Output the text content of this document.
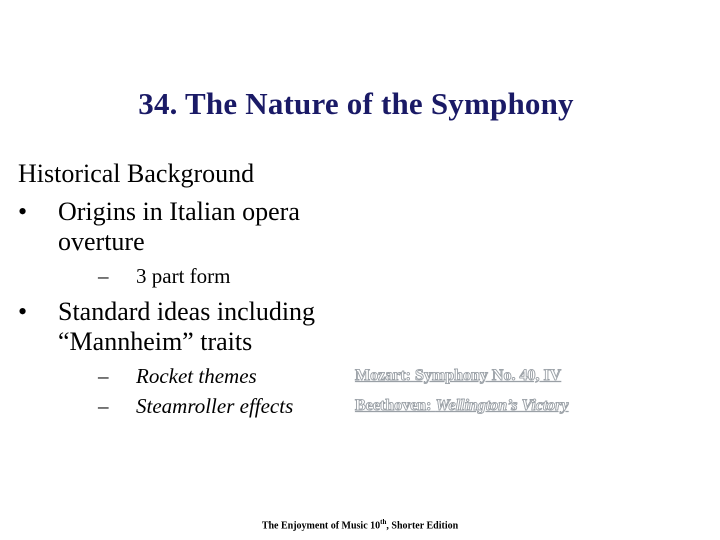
34. The Nature of the Symphony
Historical Background
• Origins in Italian opera
overture
– 3 part form
• Standard ideas including
“Mannheim” traits
– Rocket themes
– Steamroller effects
Mozart: Symphony No. 40, IV
Beethoven: Wellington’s Victory
The Enjoyment of Music 10th, Shorter Edition
